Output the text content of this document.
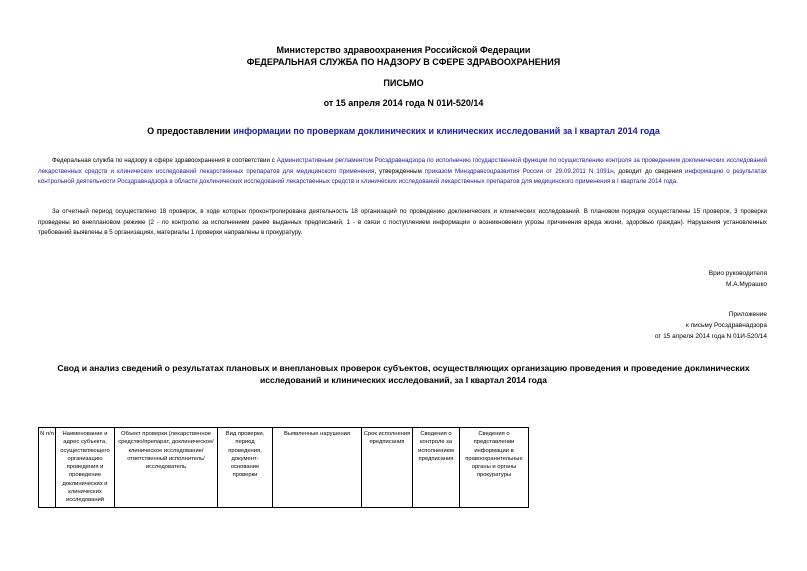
Министерство здравоохранения Российской Федерации
ФЕДЕРАЛЬНАЯ СЛУЖБА ПО НАДЗОРУ В СФЕРЕ ЗДРАВООХРАНЕНИЯ
ПИСЬМО
от 15 апреля 2014 года N 01И-520/14
О предоставлении информации по проверкам доклинических и клинических исследований за I квартал 2014 года
Федеральная служба по надзору в сфере здравоохранения в соответствии с Административным регламентом Росздравнадзора по исполнению государственной функции по осуществлению контроля за проведением доклинических исследований лекарственных средств и клинических исследований лекарственных препаратов для медицинского применения, утвержденным приказом Минздравсоцразвития России от 29.09.2011 N 1091н, доводит до сведения информацию о результатах контрольной деятельности Росздравнадзора в области доклинических исследований лекарственных средств и клинических исследований лекарственных препаратов для медицинского применения в I квартале 2014 года.
За отчетный период осуществлено 18 проверок, в ходе которых проконтролирована деятельность 18 организаций по проведению доклинических и клинических исследований. В плановом порядке осуществлены 15 проверок, 3 проверки проведены во внеплановом режиме (2 - по контролю за исполнением ранее выданных предписаний, 1 - в связи с поступлением информации о возникновении угрозы причинения вреда жизни, здоровью граждан). Нарушения установленных требований выявлены в 5 организациях, материалы 1 проверки направлены в прокуратуру.
Врио руководителя
М.А.Мурашко
Приложение
к письму Росздравнадзора
от 15 апреля 2014 года N 01И-520/14
Свод и анализ сведений о результатах плановых и внеплановых проверок субъектов, осуществляющих организацию проведения и проведение доклинических исследований и клинических исследований, за I квартал 2014 года
N п/п	Наименование и адрес субъекта, осуществляющего организацию проведения и проведение доклинических и клинических исследований	Объект проверки (лекарственное средство/препарат, доклиническое/клиническое исследование/ответственный исполнитель/исследователь	Вид проверки, период проведения, документ-основание проверки	Выявленные нарушения	Срок исполнения предписания	Сведения о контроле за исполнением предписания	Сведения о представлении информации в правоохранительные органы и органы прокуратуры
